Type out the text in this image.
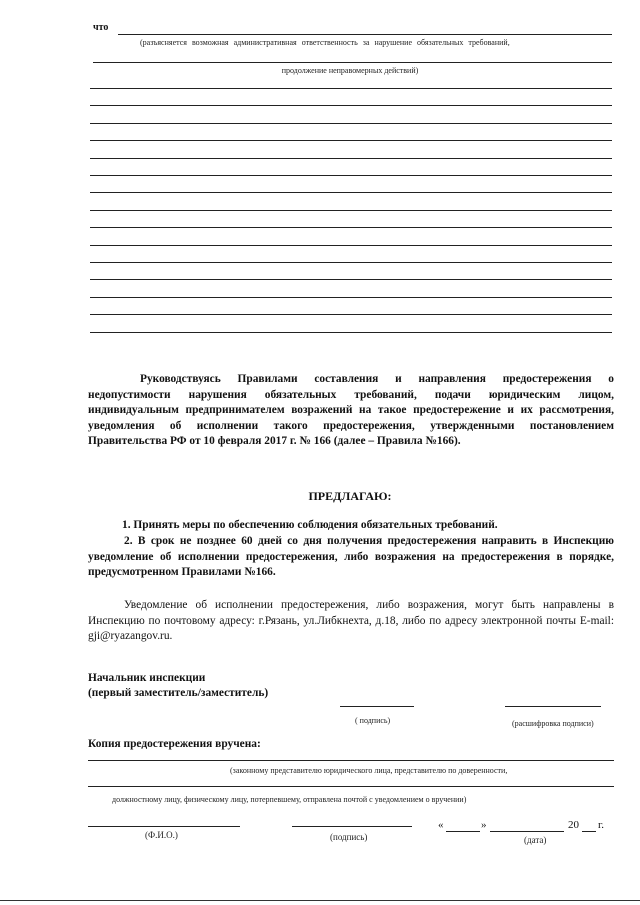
что
(разъясняется возможная административная ответственность за нарушение обязательных требований,
продолжение неправомерных действий)
Руководствуясь Правилами составления и направления предостережения о недопустимости нарушения обязательных требований, подачи юридическим лицом, индивидуальным предпринимателем возражений на такое предостережение и их рассмотрения, уведомления об исполнении такого предостережения, утвержденными постановлением Правительства РФ от 10 февраля 2017 г. № 166 (далее – Правила №166).
ПРЕДЛАГАЮ:
1. Принять меры по обеспечению соблюдения обязательных требований.
2. В срок не позднее 60 дней со дня получения предостережения направить в Инспекцию уведомление об исполнении предостережения, либо возражения на предостережения в порядке, предусмотренном Правилами №166.
Уведомление об исполнении предостережения, либо возражения, могут быть направлены в Инспекцию по почтовому адресу: г.Рязань, ул.Либкнехта, д.18, либо по адресу электронной почты E-mail: gji@ryazangov.ru.
Начальник инспекции
(первый заместитель/заместитель)
( подпись)	(расшифровка подписи)
Копия предостережения вручена:
(законному представителю юридического лица, представителю по доверенности,
должностному лицу, физическому лицу, потерпевшему, отправлена почтой с уведомлением о вручении)
(Ф.И.О.)	(подпись)
«	»	20 г.
(дата)
